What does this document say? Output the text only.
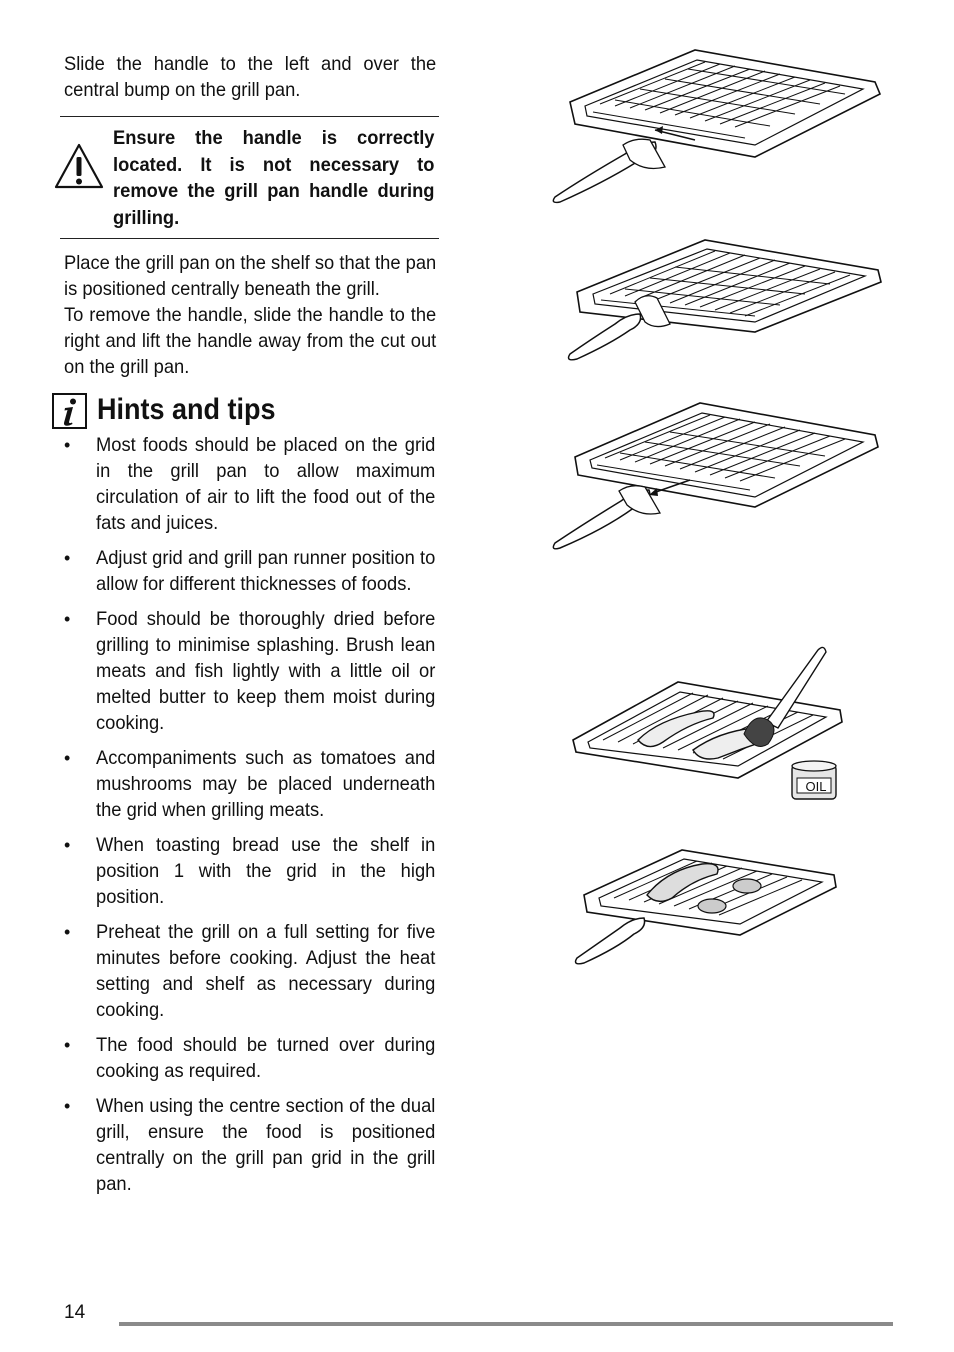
Slide the handle to the left and over the central bump on the grill pan.

Ensure the handle is correctly located. It is not necessary to remove the grill pan handle during grilling.

Place the grill pan on the shelf so that the pan is positioned centrally beneath the grill.

To remove the handle, slide the handle to the right and lift the handle away from the cut out on the grill pan.

Hints and tips
• Most foods should be placed on the grid in the grill pan to allow maximum circulation of air to lift the food out of the fats and juices.
• Adjust grid and grill pan runner position to allow for different thicknesses of foods.
• Food should be thoroughly dried before grilling to minimise splashing. Brush lean meats and fish lightly with a little oil or melted butter to keep them moist during cooking.
• Accompaniments such as tomatoes and mushrooms may be placed underneath the grid when grilling meats.
• When toasting bread use the shelf in position 1 with the grid in the high position.
• Preheat the grill on a full setting for five minutes before cooking. Adjust the heat setting and shelf as necessary during cooking.
• The food should be turned over during cooking as required.
• When using the centre section of the dual grill, ensure the food is positioned centrally on the grill pan grid in the grill pan.
OIL
14
